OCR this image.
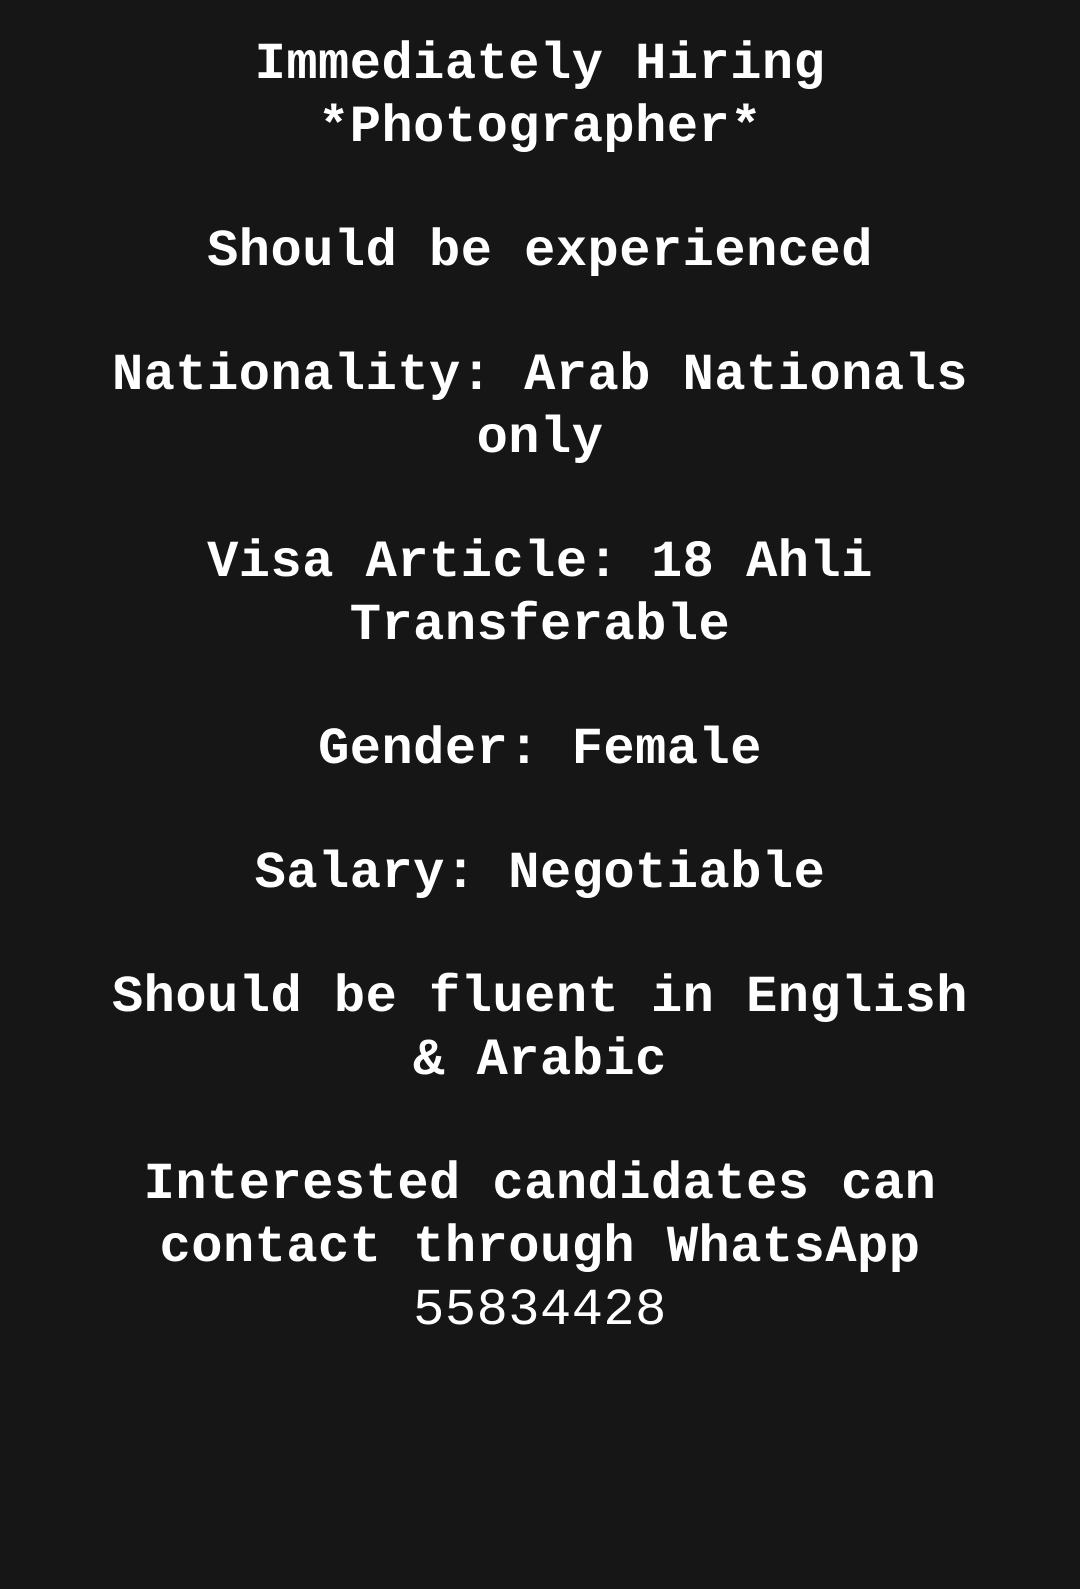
Immediately Hiring
*Photographer*
Should be experienced
Nationality: Arab Nationals
only
Visa Article: 18 Ahli
Transferable
Gender: Female
Salary: Negotiable
Should be fluent in English
& Arabic
Interested candidates can
contact through WhatsApp
55834428
